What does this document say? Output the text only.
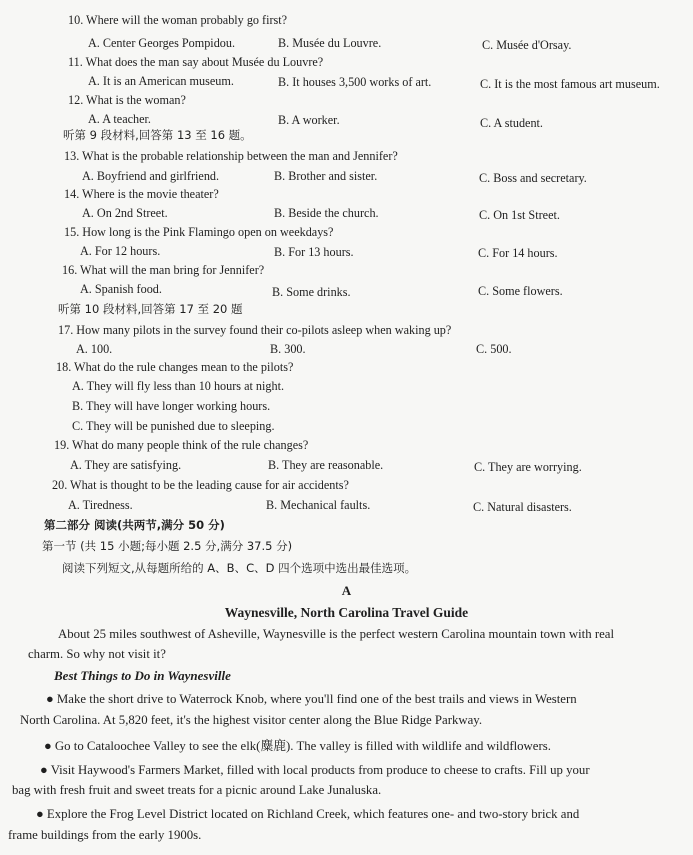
10. Where will the woman probably go first?
A. Center Georges Pompidou.	B. Musée du Louvre.	C. Musée d'Orsay.
11. What does the man say about Musée du Louvre?
A. It is an American museum.	B. It houses 3,500 works of art.	C. It is the most famous art museum.
12. What is the woman?
A. A teacher.	B. A worker.	C. A student.
听第 9 段材料,回答第 13 至 16 题。
13. What is the probable relationship between the man and Jennifer?
A. Boyfriend and girlfriend.	B. Brother and sister.	C. Boss and secretary.
14. Where is the movie theater?
A. On 2nd Street.	B. Beside the church.	C. On 1st Street.
15. How long is the Pink Flamingo open on weekdays?
A. For 12 hours.	B. For 13 hours.	C. For 14 hours.
16. What will the man bring for Jennifer?
A. Spanish food.	B. Some drinks.	C. Some flowers.
听第 10 段材料,回答第 17 至 20 题
17. How many pilots in the survey found their co-pilots asleep when waking up?
A. 100.	B. 300.	C. 500.
18. What do the rule changes mean to the pilots?
A. They will fly less than 10 hours at night.
B. They will have longer working hours.
C. They will be punished due to sleeping.
19. What do many people think of the rule changes?
A. They are satisfying.	B. They are reasonable.	C. They are worrying.
20. What is thought to be the leading cause for air accidents?
A. Tiredness.	B. Mechanical faults.	C. Natural disasters.
第二部分 阅读(共两节,满分 50 分)
第一节 (共 15 小题;每小题 2.5 分,满分 37.5 分)
阅读下列短文,从每题所给的 A、B、C、D 四个选项中选出最佳选项。
A
Waynesville, North Carolina Travel Guide
About 25 miles southwest of Asheville, Waynesville is the perfect western Carolina mountain town with real
charm. So why not visit it?
Best Things to Do in Waynesville
● Make the short drive to Waterrock Knob, where you'll find one of the best trails and views in Western
North Carolina. At 5,820 feet, it's the highest visitor center along the Blue Ridge Parkway.
● Go to Cataloochee Valley to see the elk(麋鹿). The valley is filled with wildlife and wildflowers.
● Visit Haywood's Farmers Market, filled with local products from produce to cheese to crafts. Fill up your
bag with fresh fruit and sweet treats for a picnic around Lake Junaluska.
● Explore the Frog Level District located on Richland Creek, which features one- and two-story brick and
frame buildings from the early 1900s.
